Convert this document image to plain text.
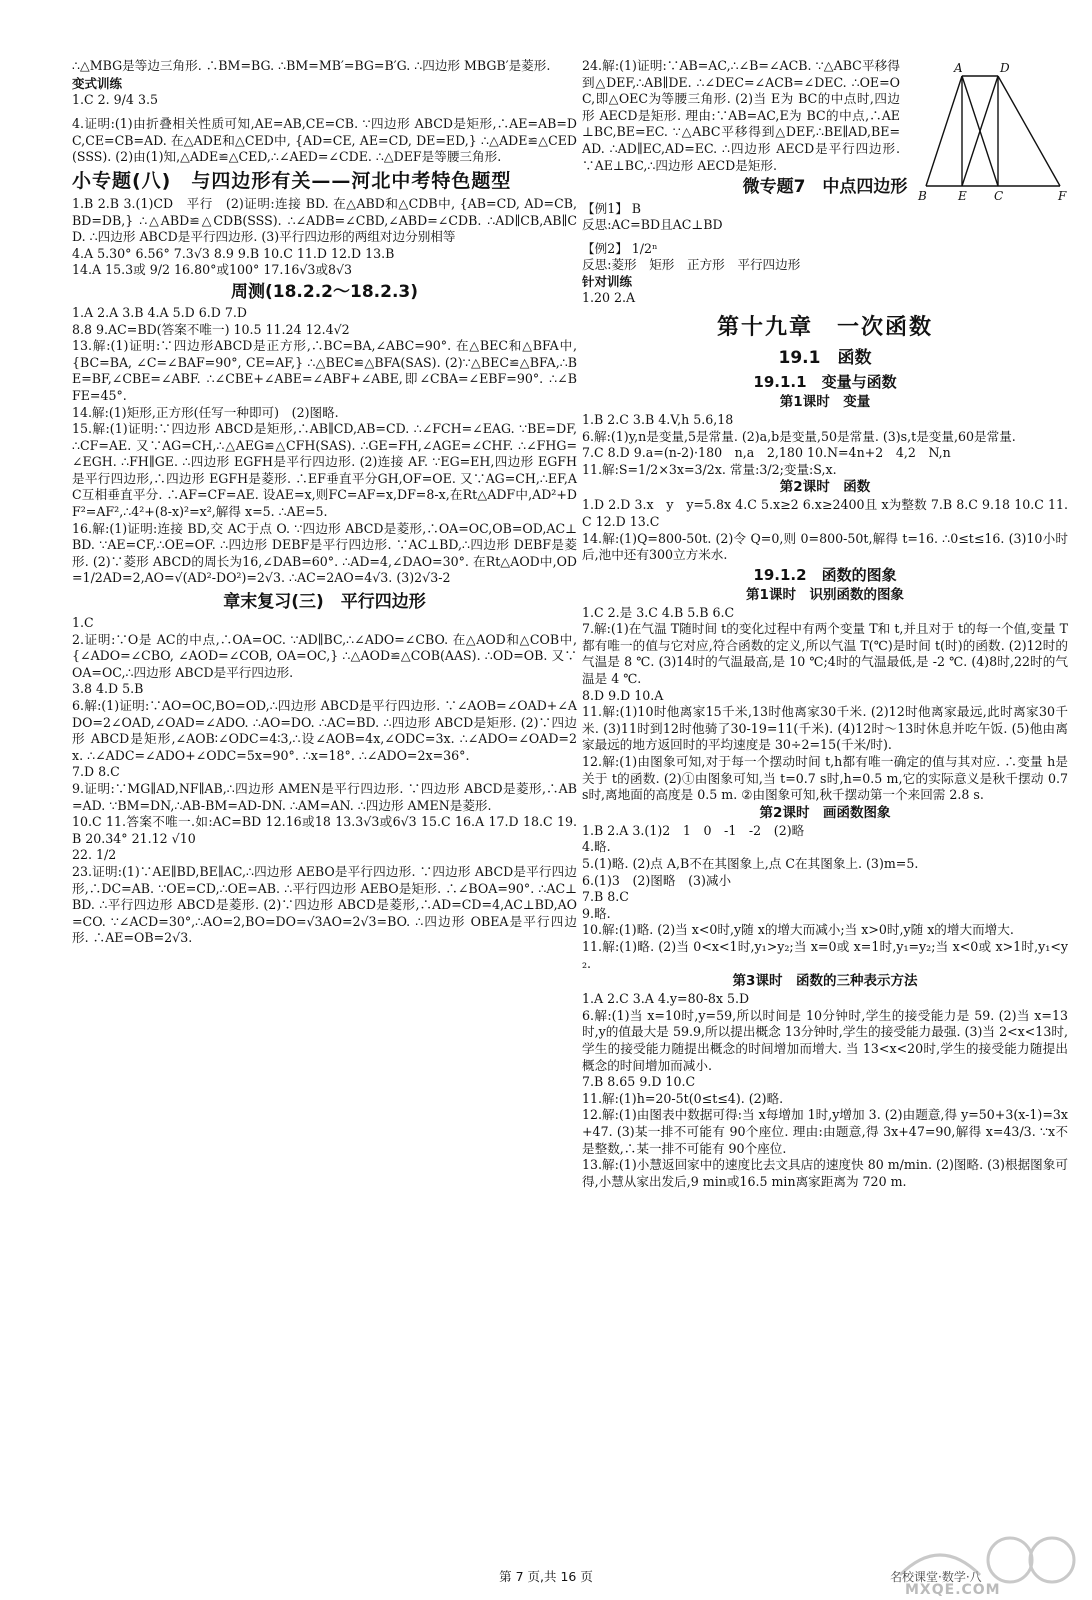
∴△MBG是等边三角形. ∴BM=BG. ∴BM=MB′=BG=B′G. ∴四边形 MBGB′是菱形.
变式训练
1.C 2. 9/4 3.5
4.证明:(1)由折叠相关性质可知,AE=AB,CE=CB. ∵四边形 ABCD是矩形,∴AE=AB=DC,CE=CB=AD. 在△ADE和△CED中, {AD=CE, AE=CD, DE=ED,} ∴△ADE≌△CED(SSS). (2)由(1)知,△ADE≌△CED,∴∠AED=∠CDE. ∴△DEF是等腰三角形.
小专题(八)　与四边形有关——河北中考特色题型
1.B 2.B 3.(1)CD　平行　(2)证明:连接 BD. 在△ABD和△CDB中, {AB=CD, AD=CB, BD=DB,} ∴△ABD≌△CDB(SSS). ∴∠ADB=∠CBD,∠ABD=∠CDB. ∴AD∥CB,AB∥CD. ∴四边形 ABCD是平行四边形. (3)平行四边形的两组对边分别相等
4.A 5.30° 6.56° 7.3√3 8.9 9.B 10.C 11.D 12.D 13.B
14.A 15.3或 9/2 16.80°或100° 17.16√3或8√3
周测(18.2.2～18.2.3)
1.A 2.A 3.B 4.A 5.D 6.D 7.D
8.8 9.AC=BD(答案不唯一) 10.5 11.24 12.4√2
13.解:(1)证明:∵四边形ABCD是正方形,∴BC=BA,∠ABC=90°. 在△BEC和△BFA中, {BC=BA, ∠C=∠BAF=90°, CE=AF,} ∴△BEC≌△BFA(SAS). (2)∵△BEC≌△BFA,∴BE=BF,∠CBE=∠ABF. ∴∠CBE+∠ABE=∠ABF+∠ABE,即∠CBA=∠EBF=90°. ∴∠BFE=45°.
14.解:(1)矩形,正方形(任写一种即可)　(2)图略.
15.解:(1)证明:∵四边形 ABCD是矩形,∴AB∥CD,AB=CD. ∴∠FCH=∠EAG. ∵BE=DF,∴CF=AE. 又∵AG=CH,∴△AEG≌△CFH(SAS). ∴GE=FH,∠AGE=∠CHF. ∴∠FHG=∠EGH. ∴FH∥GE. ∴四边形 EGFH是平行四边形. (2)连接 AF. ∵EG=EH,四边形 EGFH是平行四边形,∴四边形 EGFH是菱形. ∴EF垂直平分GH,OF=OE. 又∵AG=CH,∴EF,AC互相垂直平分. ∴AF=CF=AE. 设AE=x,则FC=AF=x,DF=8-x,在Rt△ADF中,AD²+DF²=AF²,∴4²+(8-x)²=x²,解得 x=5. ∴AE=5.
16.解:(1)证明:连接 BD,交 AC于点 O. ∵四边形 ABCD是菱形,∴OA=OC,OB=OD,AC⊥BD. ∵AE=CF,∴OE=OF. ∴四边形 DEBF是平行四边形. ∵AC⊥BD,∴四边形 DEBF是菱形. (2)∵菱形 ABCD的周长为16,∠DAB=60°. ∴AD=4,∠DAO=30°. 在Rt△AOD中,OD=1/2AD=2,AO=√(AD²-DO²)=2√3. ∴AC=2AO=4√3. (3)2√3-2
章末复习(三)　平行四边形
1.C
2.证明:∵O是 AC的中点,∴OA=OC. ∵AD∥BC,∴∠ADO=∠CBO. 在△AOD和△COB中, {∠ADO=∠CBO, ∠AOD=∠COB, OA=OC,} ∴△AOD≌△COB(AAS). ∴OD=OB. 又∵OA=OC,∴四边形 ABCD是平行四边形.
3.8 4.D 5.B
6.解:(1)证明:∵AO=OC,BO=OD,∴四边形 ABCD是平行四边形. ∵∠AOB=∠OAD+∠ADO=2∠OAD,∠OAD=∠ADO. ∴AO=DO. ∴AC=BD. ∴四边形 ABCD是矩形. (2)∵四边形 ABCD是矩形,∠AOB∶∠ODC=4∶3,∴设∠AOB=4x,∠ODC=3x. ∴∠ADO=∠OAD=2x. ∴∠ADC=∠ADO+∠ODC=5x=90°. ∴x=18°. ∴∠ADO=2x=36°.
7.D 8.C
9.证明:∵MG∥AD,NF∥AB,∴四边形 AMEN是平行四边形. ∵四边形 ABCD是菱形,∴AB=AD. ∵BM=DN,∴AB-BM=AD-DN. ∴AM=AN. ∴四边形 AMEN是菱形.
10.C 11.答案不唯一.如:AC=BD 12.16或18 13.3√3或6√3 15.C 16.A 17.D 18.C 19.B 20.34° 21.12 √10
22. 1/2
23.证明:(1)∵AE∥BD,BE∥AC,∴四边形 AEBO是平行四边形. ∵四边形 ABCD是平行四边形,∴DC=AB. ∵OE=CD,∴OE=AB. ∴平行四边形 AEBO是矩形. ∴∠BOA=90°. ∴AC⊥BD. ∴平行四边形 ABCD是菱形. (2)∵四边形 ABCD是菱形,∴AD=CD=4,AC⊥BD,AO=CO. ∵∠ACD=30°,∴AO=2,BO=DO=√3AO=2√3=BO. ∴四边形 OBEA是平行四边形. ∴AE=OB=2√3.
A	D
B	E C	F
24.解:(1)证明:∵AB=AC,∴∠B=∠ACB. ∵△ABC平移得到△DEF,∴AB∥DE. ∴∠DEC=∠ACB=∠DEC. ∴OE=OC,即△OEC为等腰三角形. (2)当 E为 BC的中点时,四边形 AECD是矩形. 理由:∵AB=AC,E为 BC的中点,∴AE⊥BC,BE=EC. ∵△ABC平移得到△DEF,∴BE∥AD,BE=AD. ∴AD∥EC,AD=EC. ∴四边形 AECD是平行四边形. ∵AE⊥BC,∴四边形 AECD是矩形.
微专题7　中点四边形
【例1】 B
反思:AC=BD且AC⊥BD
【例2】 1/2ⁿ
反思:菱形　矩形　正方形　平行四边形
针对训练
1.20 2.A
第十九章　一次函数
19.1　函数
19.1.1　变量与函数
第1课时　变量
1.B 2.C 3.B 4.V,h 5.6,18
6.解:(1)y,n是变量,5是常量. (2)a,b是变量,50是常量. (3)s,t是变量,60是常量.
7.C 8.D 9.a=(n-2)·180　n,a　2,180 10.N=4n+2　4,2　N,n
11.解:S=1/2×3x=3/2x. 常量:3/2;变量:S,x.
第2课时　函数
1.D 2.D 3.x　y　y=5.8x 4.C 5.x≥2 6.x≥2400且 x为整数 7.B 8.C 9.18 10.C 11.C 12.D 13.C
14.解:(1)Q=800-50t. (2)令 Q=0,则 0=800-50t,解得 t=16. ∴0≤t≤16. (3)10小时后,池中还有300立方米水.
19.1.2　函数的图象
第1课时　识别函数的图象
1.C 2.是 3.C 4.B 5.B 6.C
7.解:(1)在气温 T随时间 t的变化过程中有两个变量 T和 t,并且对于 t的每一个值,变量 T都有唯一的值与它对应,符合函数的定义,所以气温 T(℃)是时间 t(时)的函数. (2)12时的气温是 8 ℃. (3)14时的气温最高,是 10 ℃;4时的气温最低,是 -2 ℃. (4)8时,22时的气温是 4 ℃.
8.D 9.D 10.A
11.解:(1)10时他离家15千米,13时他离家30千米. (2)12时他离家最远,此时离家30千米. (3)11时到12时他骑了30-19=11(千米). (4)12时～13时休息并吃午饭. (5)他由离家最远的地方返回时的平均速度是 30÷2=15(千米/时).
12.解:(1)由图象可知,对于每一个摆动时间 t,h都有唯一确定的值与其对应. ∴变量 h是关于 t的函数. (2)①由图象可知,当 t=0.7 s时,h=0.5 m,它的实际意义是秋千摆动 0.7 s时,离地面的高度是 0.5 m. ②由图象可知,秋千摆动第一个来回需 2.8 s.
第2课时　画函数图象
1.B 2.A 3.(1)2　1　0　-1　-2　(2)略
4.略.
5.(1)略. (2)点 A,B不在其图象上,点 C在其图象上. (3)m=5.
6.(1)3　(2)图略　(3)减小
7.B 8.C
9.略.
10.解:(1)略. (2)当 x<0时,y随 x的增大而减小;当 x>0时,y随 x的增大而增大.
11.解:(1)略. (2)当 0<x<1时,y₁>y₂;当 x=0或 x=1时,y₁=y₂;当 x<0或 x>1时,y₁<y₂.
第3课时　函数的三种表示方法
1.A 2.C 3.A 4.y=80-8x 5.D
6.解:(1)当 x=10时,y=59,所以时间是 10分钟时,学生的接受能力是 59. (2)当 x=13时,y的值最大是 59.9,所以提出概念 13分钟时,学生的接受能力最强. (3)当 2<x<13时,学生的接受能力随提出概念的时间增加而增大. 当 13<x<20时,学生的接受能力随提出概念的时间增加而减小.
7.B 8.65 9.D 10.C
11.解:(1)h=20-5t(0≤t≤4). (2)略.
12.解:(1)由图表中数据可得:当 x每增加 1时,y增加 3. (2)由题意,得 y=50+3(x-1)=3x+47. (3)某一排不可能有 90个座位. 理由:由题意,得 3x+47=90,解得 x=43/3. ∵x不是整数,∴某一排不可能有 90个座位.
13.解:(1)小慧返回家中的速度比去文具店的速度快 80 m/min. (2)图略. (3)根据图象可得,小慧从家出发后,9 min或16.5 min离家距离为 720 m.
第 7 页,共 16 页	名校课堂·数学·八
MXQE.COM
